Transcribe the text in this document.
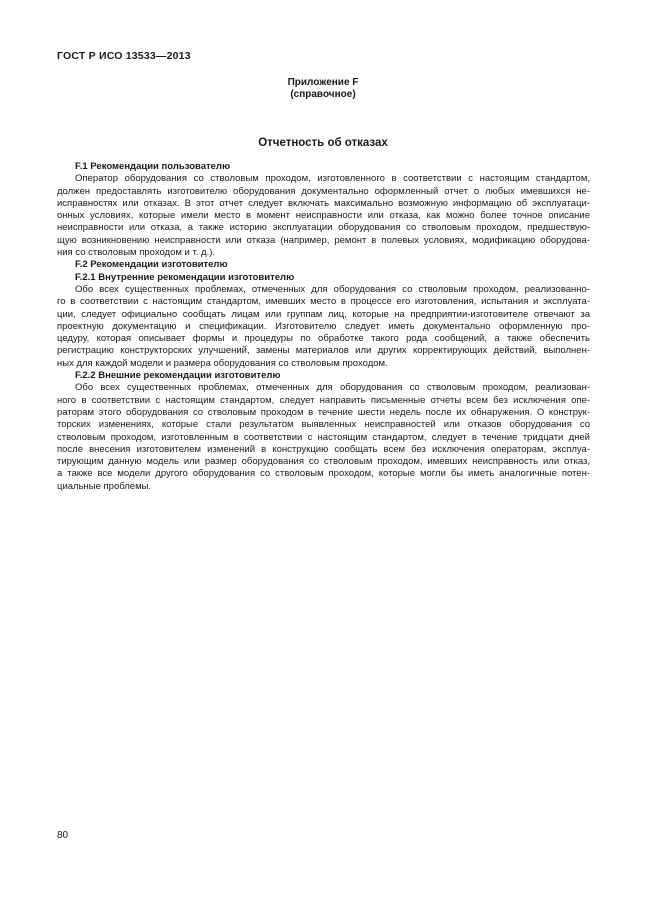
ГОСТ Р ИСО 13533—2013
Приложение F
(справочное)
Отчетность об отказах
F.1 Рекомендации пользователю
Оператор оборудования со стволовым проходом, изготовленного в соответствии с настоящим стандартом,
должен предоставлять изготовителю оборудования документально оформленный отчет о любых имевшихся не-
исправностях или отказах. В этот отчет следует включать максимально возможную информацию об эксплуатаци-
онных условиях, которые имели место в момент неисправности или отказа, как можно более точное описание
неисправности или отказа, а также историю эксплуатации оборудования со стволовым проходом, предшествую-
щую возникновению неисправности или отказа (например, ремонт в полевых условиях, модификацию оборудова-
ния со стволовым проходом и т. д.).
F.2 Рекомендации изготовителю
F.2.1 Внутренние рекомендации изготовителю
Обо всех существенных проблемах, отмеченных для оборудования со стволовым проходом, реализованно-
го в соответствии с настоящим стандартом, имевших место в процессе его изготовления, испытания и эксплуата-
ции, следует официально сообщать лицам или группам лиц, которые на предприятии-изготовителе отвечают за
проектную документацию и спецификации. Изготовителю следует иметь документально оформленную про-
цедуру, которая описывает формы и процедуры по обработке такого рода сообщений, а также обеспечить
регистрацию конструкторских улучшений, замены материалов или других корректирующих действий, выполнен-
ных для каждой модели и размера оборудования со стволовым проходом.
F.2.2 Внешние рекомендации изготовителю
Обо всех существенных проблемах, отмеченных для оборудования со стволовым проходом, реализован-
ного в соответствии с настоящим стандартом, следует направить письменные отчеты всем без исключения опе-
раторам этого оборудования со стволовым проходом в течение шести недель после их обнаружения. О конструк-
торских изменениях, которые стали результатом выявленных неисправностей или отказов оборудования со
стволовым проходом, изготовленным в соответствии с настоящим стандартом, следует в течение тридцати дней
после внесения изготовителем изменений в конструкцию сообщать всем без исключения операторам, эксплуа-
тирующим данную модель или размер оборудования со стволовым проходом, имевших неисправность или отказ,
а также все модели другого оборудования со стволовым проходом, которые могли бы иметь аналогичные потен-
циальные проблемы.
80
